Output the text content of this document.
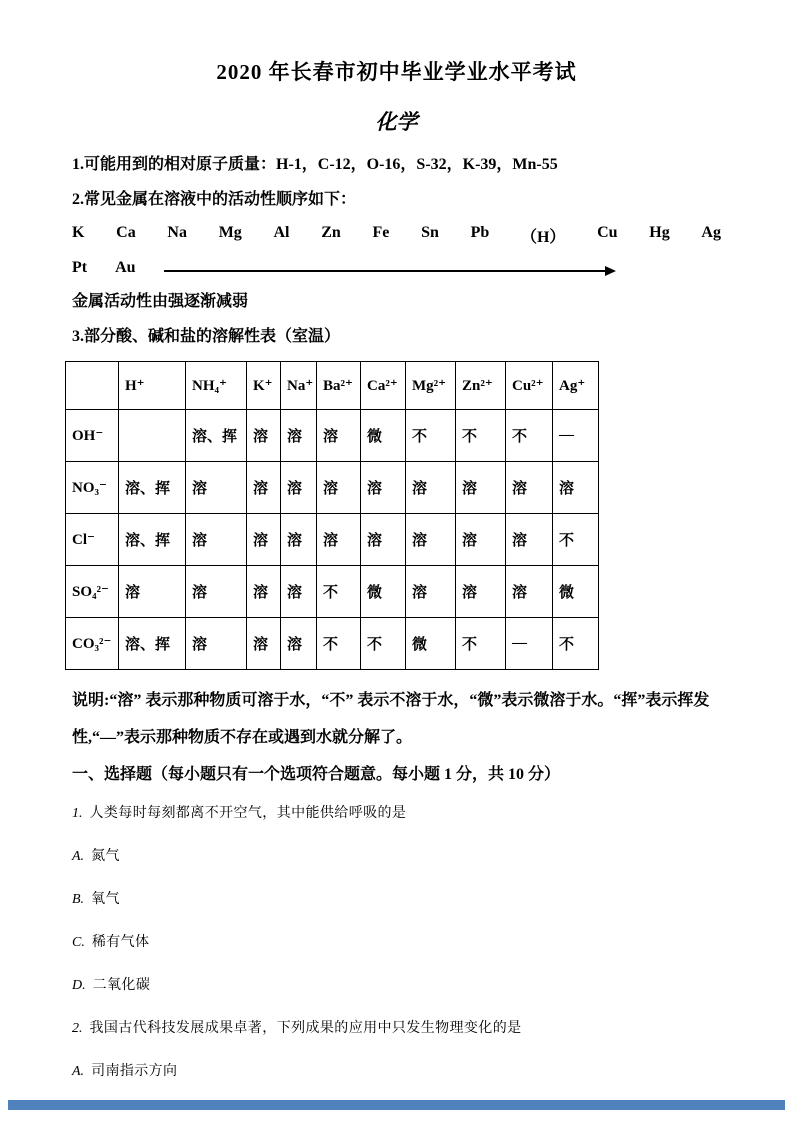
2020 年长春市初中毕业学业水平考试
化学

1.可能用到的相对原子质量：H-1，C-12，O-16，S-32，K-39，Mn-55

2.常见金属在溶液中的活动性顺序如下：

K Ca Na Mg Al Zn Fe Sn Pb （H） Cu Hg Ag
Pt Au

金属活动性由强逐渐减弱

3.部分酸、碱和盐的溶解性表（室温）

	H⁺	NH₄⁺	K⁺	Na⁺	Ba²⁺	Ca²⁺	Mg²⁺	Zn²⁺	Cu²⁺	Ag⁺
OH⁻		溶、挥	溶	溶	溶	微	不	不	不	—
NO₃⁻	溶、挥	溶	溶	溶	溶	溶	溶	溶	溶	溶
Cl⁻	溶、挥	溶	溶	溶	溶	溶	溶	溶	溶	不
SO₄²⁻	溶	溶	溶	溶	不	微	溶	溶	溶	微
CO₃²⁻	溶、挥	溶	溶	溶	不	不	微	不	—	不

说明:“溶” 表示那种物质可溶于水，“不” 表示不溶于水，“微”表示微溶于水。“挥”表示挥发性,“—”表示那种物质不存在或遇到水就分解了。

一、选择题（每小题只有一个选项符合题意。每小题 1 分，共 10 分）

1. 人类每时每刻都离不开空气，其中能供给呼吸的是
A. 氮气
B. 氧气
C. 稀有气体
D. 二氧化碳
2. 我国古代科技发展成果卓著，下列成果的应用中只发生物理变化的是
A. 司南指示方向
